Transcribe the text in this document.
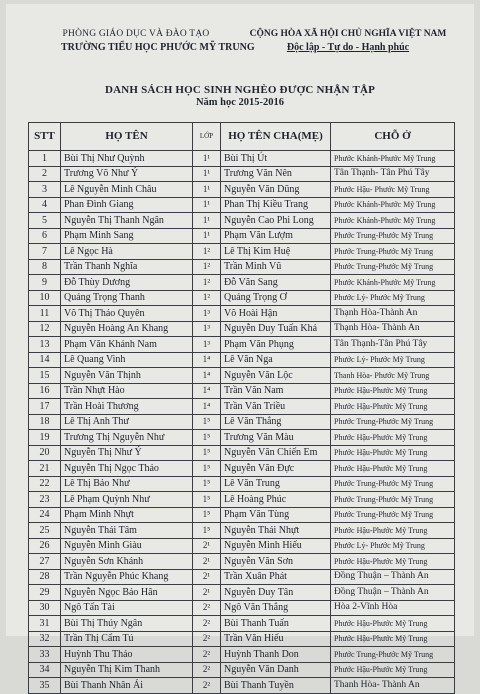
PHÒNG GIÁO DỤC VÀ ĐÀO TẠO
TRƯỜNG TIỂU HỌC PHƯỚC MỸ TRUNG
CỘNG HÒA XÃ HỘI CHỦ NGHĨA VIỆT NAM
Độc lập - Tự do - Hạnh phúc
DANH SÁCH HỌC SINH NGHÈO ĐƯỢC NHẬN TẬP
Năm học 2015-2016
STT	HỌ TÊN	LỚP	HỌ TÊN CHA(MẸ)	CHỖ Ở
1	Bùi Thị Như Quỳnh	1¹	Bùi Thị Út	Phước Khánh-Phước Mỹ Trung
2	Trương Võ Như Ý	1¹	Trương Văn Nên	Tân Thạnh- Tân Phú Tây
3	Lê Nguyễn Minh Châu	1¹	Nguyễn Văn Dũng	Phước Hậu- Phước Mỹ Trung
4	Phan Đình Giang	1¹	Phan Thị Kiều Trang	Phước Khánh-Phước Mỹ Trung
5	Nguyễn Thị Thanh Ngân	1¹	Nguyễn Cao Phi Long	Phước Khánh-Phước Mỹ Trung
6	Phạm Minh Sang	1¹	Phạm Văn Lượm	Phước Trung-Phước Mỹ Trung
7	Lê Ngọc Hà	1²	Lê Thị Kim Huệ	Phước Trung-Phước Mỹ Trung
8	Trần Thanh Nghĩa	1²	Trần Minh Vũ	Phước Trung-Phước Mỹ Trung
9	Đỗ Thùy Dương	1²	Đỗ Văn Sang	Phước Khánh-Phước Mỹ Trung
10	Quảng Trọng Thanh	1²	Quảng Trọng Ơ	Phước Lý- Phước Mỹ Trung
11	Võ Thị Thảo Quyên	1³	Võ Hoài Hận	Thạnh Hòa-Thành An
12	Nguyễn Hoàng An Khang	1³	Nguyễn Duy Tuấn Khả	Thạnh Hòa- Thành An
13	Phạm Văn Khánh Nam	1³	Phạm Văn Phụng	Tân Thạnh-Tân Phú Tây
14	Lê Quang Vinh	1⁴	Lê Văn Nga	Phước Lý- Phước Mỹ Trung
15	Nguyễn Văn Thịnh	1⁴	Nguyễn Văn Lộc	Thanh Hòa- Phước Mỹ Trung
16	Trần Nhựt Hào	1⁴	Trần Văn Nam	Phước Hậu-Phước Mỹ Trung
17	Trần Hoài Thương	1⁴	Trần Văn Triều	Phước Hậu-Phước Mỹ Trung
18	Lê Thị Anh Thư	1⁵	Lê Văn Thắng	Phước Trung-Phước Mỹ Trung
19	Trương Thị Nguyễn Như	1⁵	Trương Văn Màu	Phước Hậu-Phước Mỹ Trung
20	Nguyễn Thị Như Ý	1⁵	Nguyễn Văn Chiến Em	Phước Hậu-Phước Mỹ Trung
21	Nguyễn Thị Ngọc Thảo	1⁵	Nguyễn Văn Đực	Phước Hậu-Phước Mỹ Trung
22	Lê Thị Bảo Như	1⁵	Lê Văn Trung	Phước Trung-Phước Mỹ Trung
23	Lê Phạm Quỳnh Như	1⁵	Lê Hoàng Phúc	Phước Trung-Phước Mỹ Trung
24	Phạm Minh Nhựt	1⁵	Phạm Văn Tùng	Phước Trung-Phước Mỹ Trung
25	Nguyễn Thái Tâm	1⁵	Nguyễn Thái Nhựt	Phước Hậu-Phước Mỹ Trung
26	Nguyễn Minh Giàu	2¹	Nguyễn Minh Hiếu	Phước Lý- Phước Mỹ Trung
27	Nguyễn Sơn Khánh	2¹	Nguyễn Văn Sơn	Phước Hậu-Phước Mỹ Trung
28	Trần Nguyễn Phúc Khang	2¹	Trần Xuân Phát	Đồng Thuận – Thành An
29	Nguyễn Ngọc Bảo Hân	2¹	Nguyễn Duy Tân	Đồng Thuận – Thành An
30	Ngô Tấn Tài	2²	Ngô Văn Thắng	Hòa 2-Vĩnh Hòa
31	Bùi Thị Thúy Ngân	2²	Bùi Thanh Tuấn	Phước Hậu-Phước Mỹ Trung
32	Trần Thị Cẩm Tú	2²	Trần Văn Hiếu	Phước Hậu-Phước Mỹ Trung
33	Huỳnh Thu Thảo	2²	Huỳnh Thanh Don	Phước Trung-Phước Mỹ Trung
34	Nguyễn Thị Kim Thanh	2²	Nguyễn Văn Danh	Phước Hậu-Phước Mỹ Trung
35	Bùi Thanh Nhân Ái	2²	Bùi Thanh Tuyền	Thanh Hòa- Thành An
